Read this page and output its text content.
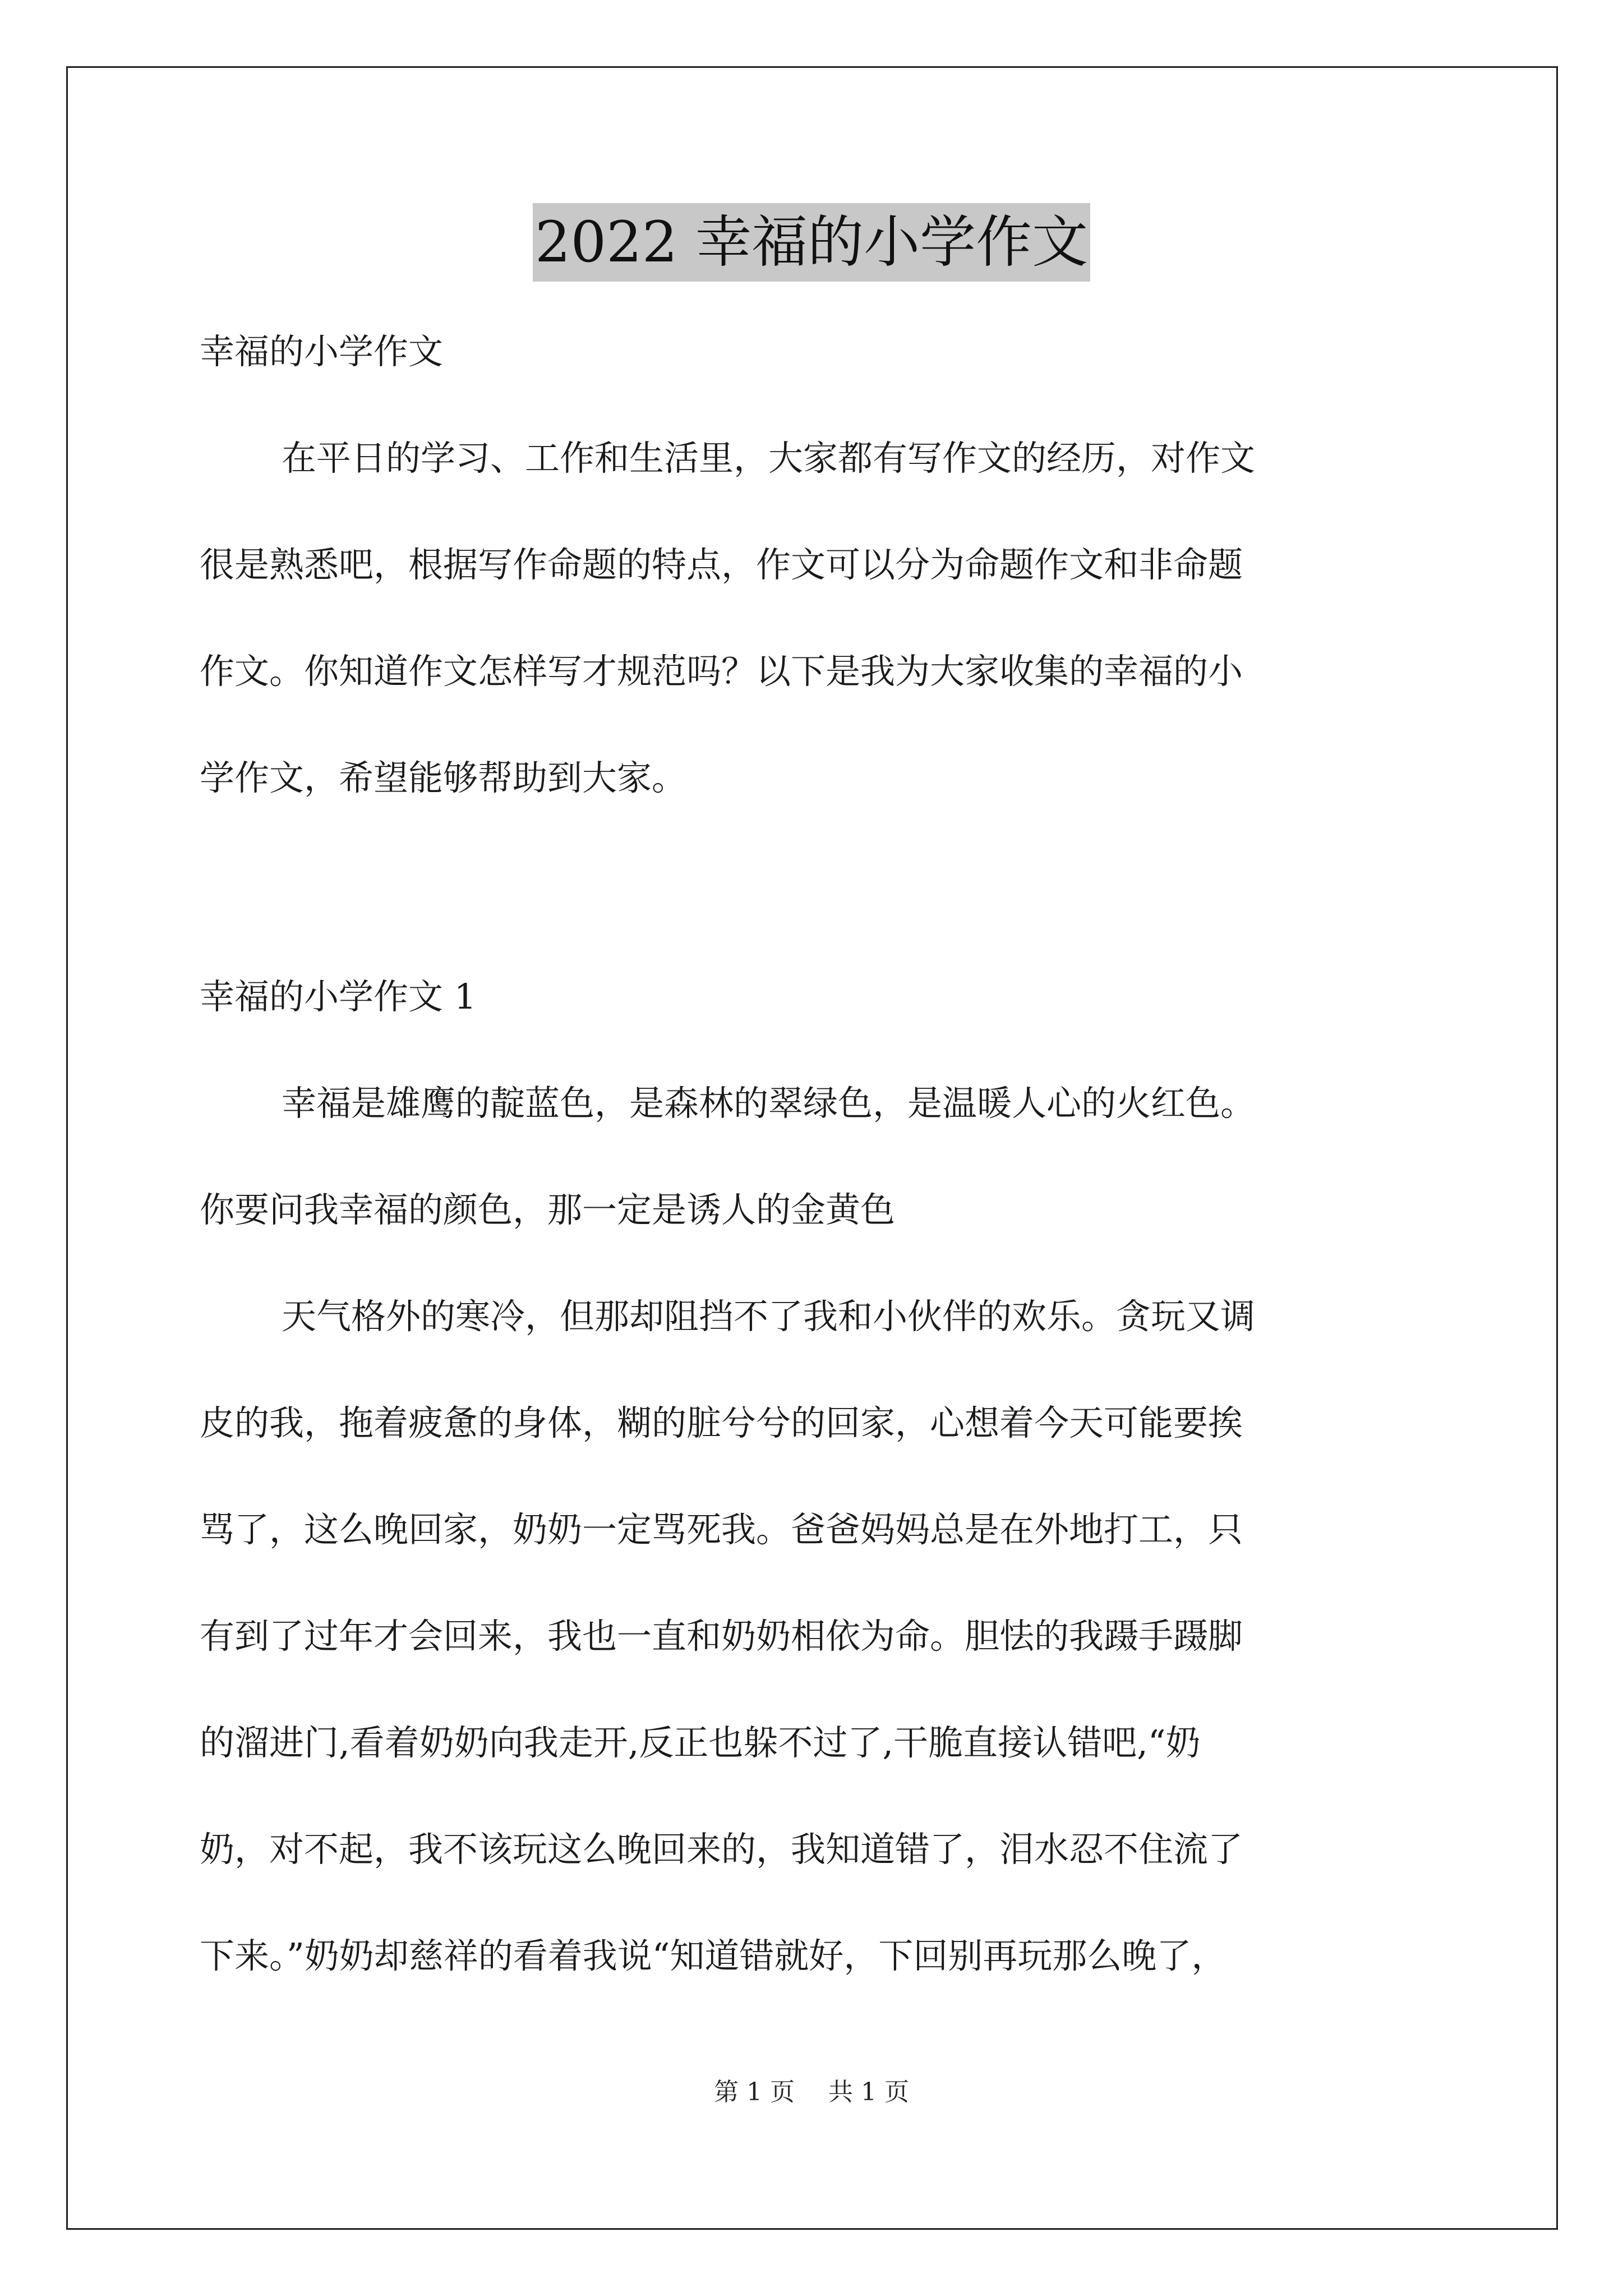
2022 幸福的小学作文
幸福的小学作文
在平日的学习、工作和生活里，大家都有写作文的经历，对作文
很是熟悉吧，根据写作命题的特点，作文可以分为命题作文和非命题
作文。你知道作文怎样写才规范吗？以下是我为大家收集的幸福的小
学作文，希望能够帮助到大家。
幸福的小学作文 1
幸福是雄鹰的靛蓝色，是森林的翠绿色，是温暖人心的火红色。
你要问我幸福的颜色，那一定是诱人的金黄色
天气格外的寒冷，但那却阻挡不了我和小伙伴的欢乐。贪玩又调
皮的我，拖着疲惫的身体，糊的脏兮兮的回家，心想着今天可能要挨
骂了，这么晚回家，奶奶一定骂死我。爸爸妈妈总是在外地打工，只
有到了过年才会回来，我也一直和奶奶相依为命。胆怯的我蹑手蹑脚
的溜进门,看着奶奶向我走开,反正也躲不过了,干脆直接认错吧,“奶
奶，对不起，我不该玩这么晚回来的，我知道错了，泪水忍不住流了
下来。”奶奶却慈祥的看着我说“知道错就好，下回别再玩那么晚了，
第 1 页 共 1 页
